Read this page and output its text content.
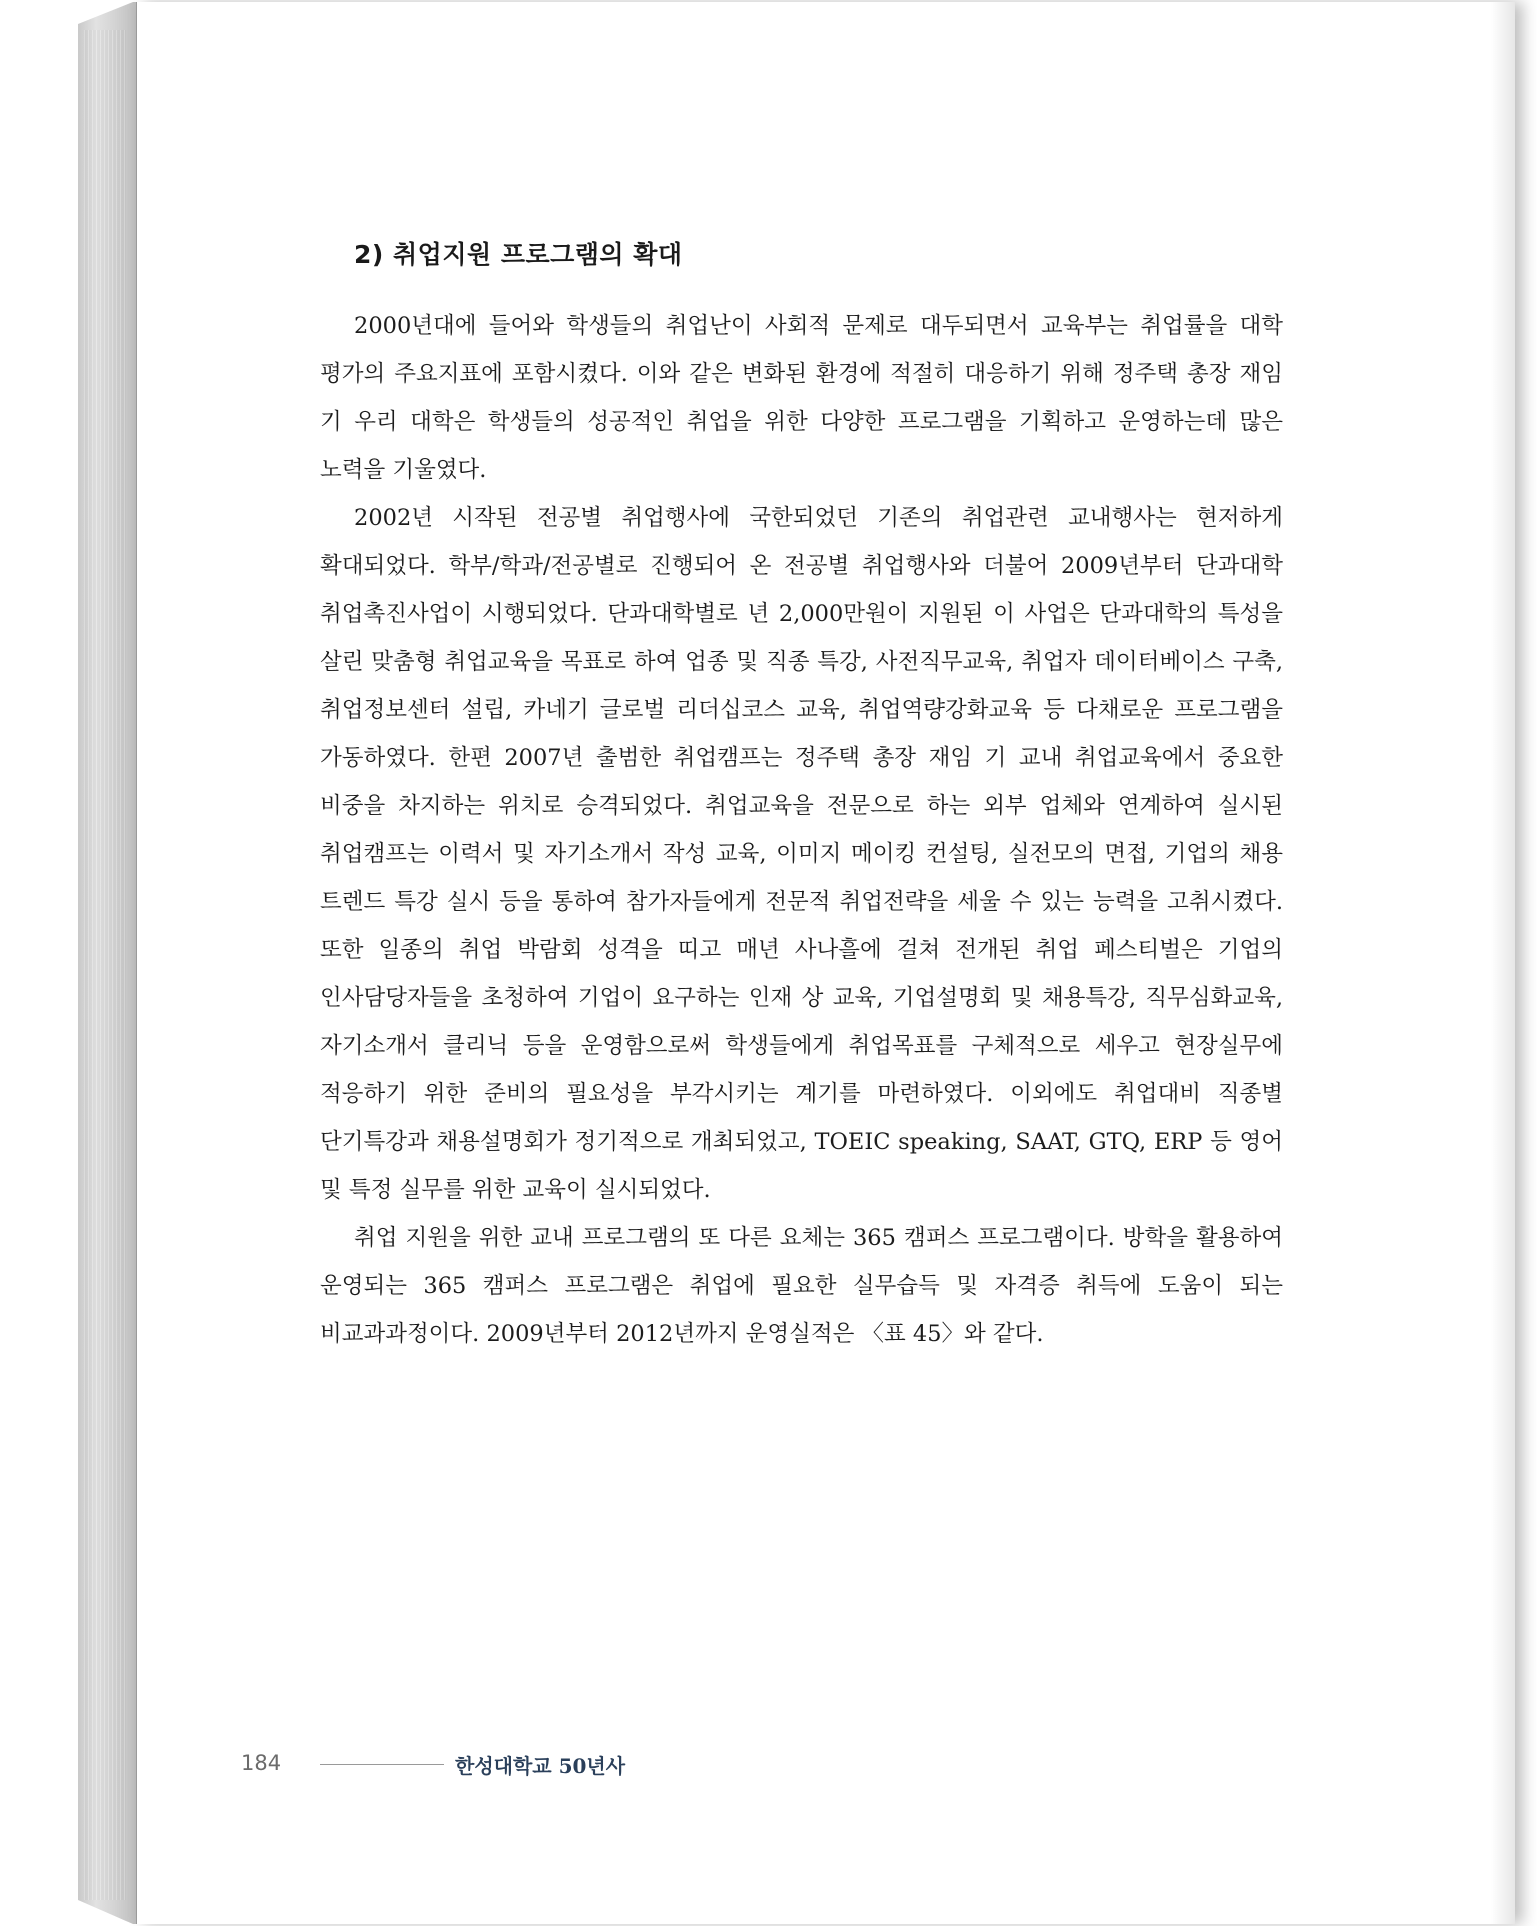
2) 취업지원 프로그램의 확대

2000년대에 들어와 학생들의 취업난이 사회적 문제로 대두되면서 교육부는 취업률을 대학 평가의 주요지표에 포함시켰다. 이와 같은 변화된 환경에 적절히 대응하기 위해 정주택 총장 재임 기 우리 대학은 학생들의 성공적인 취업을 위한 다양한 프로그램을 기획하고 운영하는데 많은 노력을 기울였다.

2002년 시작된 전공별 취업행사에 국한되었던 기존의 취업관련 교내행사는 현저하게 확대되었다. 학부/학과/전공별로 진행되어 온 전공별 취업행사와 더불어 2009년부터 단과대학 취업촉진사업이 시행되었다. 단과대학별로 년 2,000만원이 지원된 이 사업은 단과대학의 특성을 살린 맞춤형 취업교육을 목표로 하여 업종 및 직종 특강, 사전직무교육, 취업자 데이터베이스 구축, 취업정보센터 설립, 카네기 글로벌 리더십코스 교육, 취업역량강화교육 등 다채로운 프로그램을 가동하였다. 한편 2007년 출범한 취업캠프는 정주택 총장 재임 기 교내 취업교육에서 중요한 비중을 차지하는 위치로 승격되었다. 취업교육을 전문으로 하는 외부 업체와 연계하여 실시된 취업캠프는 이력서 및 자기소개서 작성 교육, 이미지 메이킹 컨설팅, 실전모의 면접, 기업의 채용 트렌드 특강 실시 등을 통하여 참가자들에게 전문적 취업전략을 세울 수 있는 능력을 고취시켰다. 또한 일종의 취업 박람회 성격을 띠고 매년 사나흘에 걸쳐 전개된 취업 페스티벌은 기업의 인사담당자들을 초청하여 기업이 요구하는 인재 상 교육, 기업설명회 및 채용특강, 직무심화교육, 자기소개서 클리닉 등을 운영함으로써 학생들에게 취업목표를 구체적으로 세우고 현장실무에 적응하기 위한 준비의 필요성을 부각시키는 계기를 마련하였다. 이외에도 취업대비 직종별 단기특강과 채용설명회가 정기적으로 개최되었고, TOEIC speaking, SAAT, GTQ, ERP 등 영어 및 특정 실무를 위한 교육이 실시되었다.

취업 지원을 위한 교내 프로그램의 또 다른 요체는 365 캠퍼스 프로그램이다. 방학을 활용하여 운영되는 365 캠퍼스 프로그램은 취업에 필요한 실무습득 및 자격증 취득에 도움이 되는 비교과과정이다. 2009년부터 2012년까지 운영실적은 〈표 45〉와 같다.

184	한성대학교 50년사
